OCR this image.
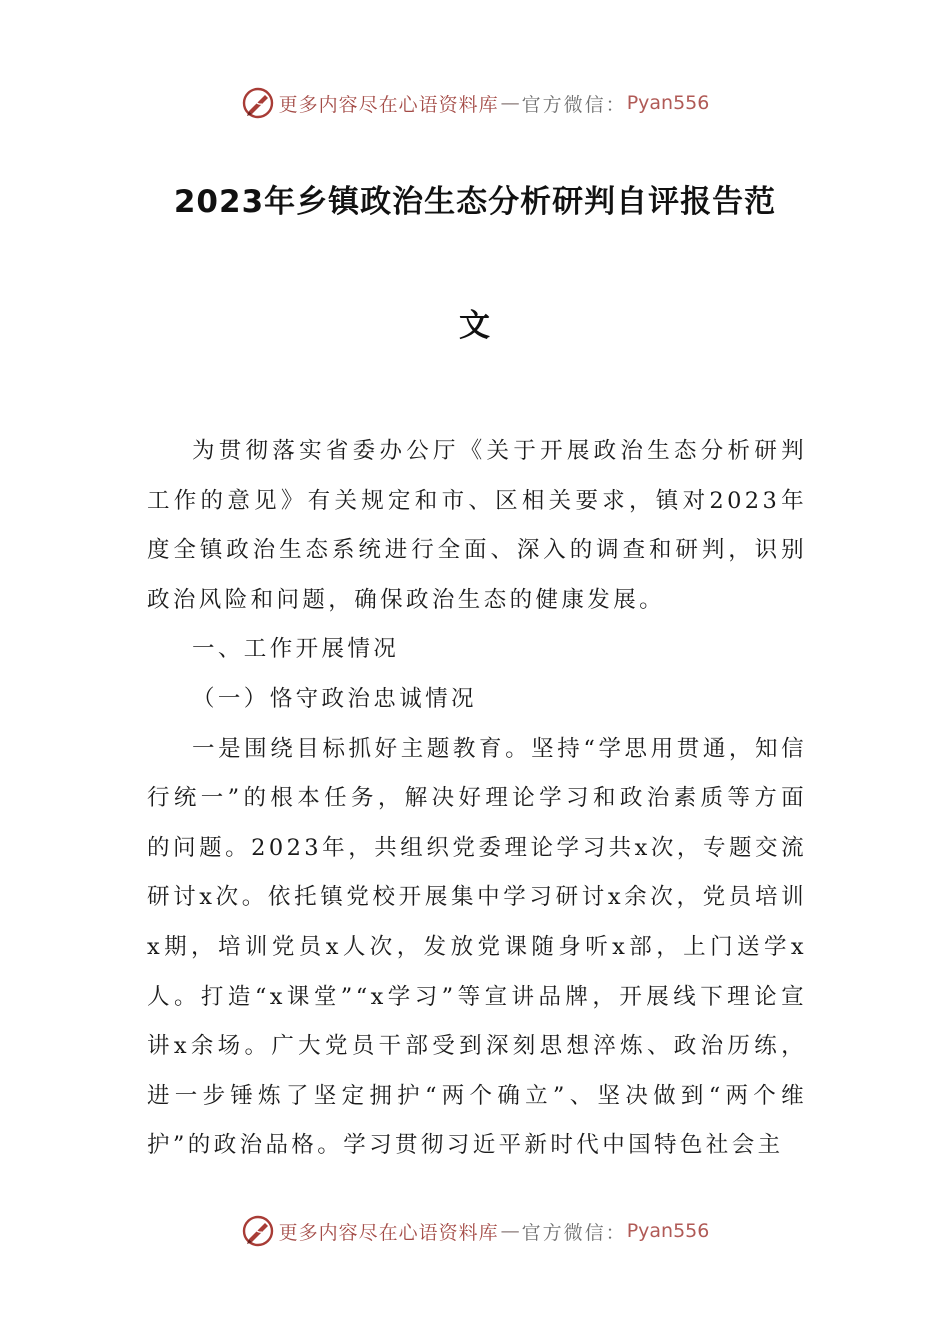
更多内容尽在心语资料库 — 官方微信： Pyan556
2023年乡镇政治生态分析研判自评报告范
文

为贯彻落实省委办公厅《关于开展政治生态分析研判工作的意见》有关规定和市、区相关要求，镇对2023年度全镇政治生态系统进行全面、深入的调查和研判，识别政治风险和问题，确保政治生态的健康发展。

一、工作开展情况

（一）恪守政治忠诚情况

一是围绕目标抓好主题教育。坚持“学思用贯通，知信行统一”的根本任务，解决好理论学习和政治素质等方面的问题。2023年，共组织党委理论学习共x次，专题交流研讨x次。依托镇党校开展集中学习研讨x余次，党员培训x期，培训党员x人次，发放党课随身听x部，上门送学x人。打造“x课堂”“x学习”等宣讲品牌，开展线下理论宣讲x余场。广大党员干部受到深刻思想淬炼、政治历练，进一步锤炼了坚定拥护“两个确立”、坚决做到“两个维护”的政治品格。学习贯彻习近平新时代中国特色社会主

更多内容尽在心语资料库 — 官方微信： Pyan556
